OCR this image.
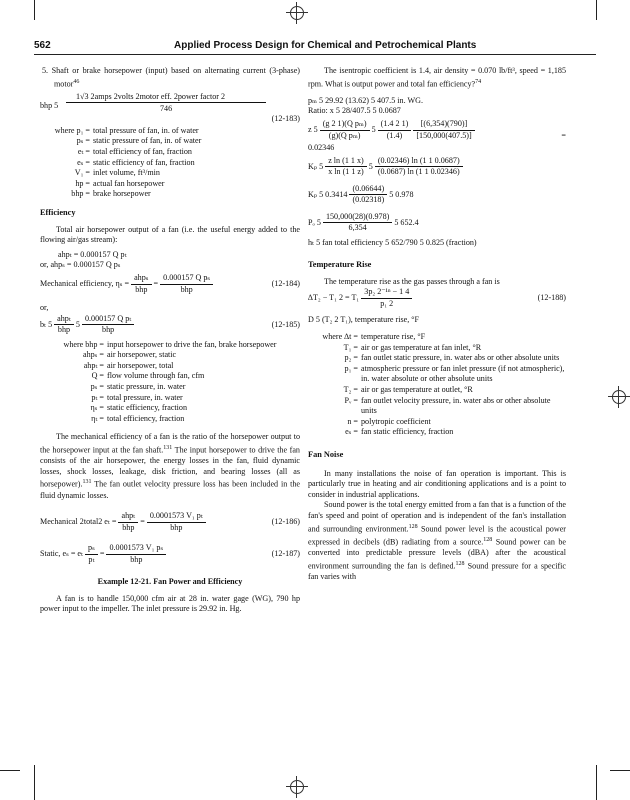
562	Applied Process Design for Chemical and Petrochemical Plants

5. Shaft or brake horsepower (input) based on alternating current (3-phase) motor$^{46}$

1√3 2amps 2volts 2motor eff. 2power factor 2
bhp 5	746
(12-183)
where p₁ = total pressure of fan, in. of water
pₛ = static pressure of fan, in. of water
eₜ = total efficiency of fan, fraction
eₛ = static efficiency of fan, fraction
V₁ = inlet volume, ft³/min
hp = actual fan horsepower
bhp = brake horsepower

Efficiency

Total air horsepower output of a fan (i.e. the useful energy added to the flowing air/gas stream):

ahpₜ = 0.000157 Q pₜ

or, ahpₛ = 0.000157 Q pₛ

Mechanical efficiency, $\eta_s = \frac{\text{ahpₛ}}{\text{bhp}} = \frac{\text{0.000157 Q pₛ}}{\text{bhp}}$	(12-184)

or,

bₜ $5 \frac{\text{ahpₜ}}{\text{bhp}} 5 \frac{\text{0.000157 Q pₜ}}{\text{bhp}}$	(12-185)
where bhp = input horsepower to drive the fan, brake horsepower
ahpₛ = air horsepower, static
ahpₜ = air horsepower, total
Q = flow volume through fan, cfm
pₛ = static pressure, in. water
pₜ = total pressure, in. water
ηₛ = static efficiency, fraction
ηₜ = total efficiency, fraction

The mechanical efficiency of a fan is the ratio of the horsepower output to the horsepower input at the fan shaft.$^{131}$ The input horsepower to drive the fan consists of the air horsepower, the energy losses in the fan, fluid dynamic losses, shock losses, leakage, disk friction, and bearing losses (all as horsepower).$^{131}$ The fan outlet velocity pressure loss has been included in the fluid dynamic losses.

Mechanical 2total2 $e_t = \frac{\text{ahpₜ}}{\text{bhp}} = \frac{\text{0.0001573 V₁ pₜ}}{\text{bhp}}$	(12-186)
Static, eₛ = eₜ $\frac{\text{pₛ}}{\text{pₜ}} = \frac{\text{0.0001573 V₁ pₛ}}{\text{bhp}}$	(12-187)

Example 12-21. Fan Power and Efficiency

A fan is to handle 150,000 cfm air at 28 in. water gage (WG), 790 hp power input to the impeller. The inlet pressure is 29.92 in. Hg.

The isentropic coefficient is 1.4, air density = 0.070 lb/ft³, speed = 1,185 rpm. What is output power and total fan efficiency?$^{74}$

pₘ 5 29.92 (13.62) 5 407.5 in. WG.

Ratio: x 5 28/407.5 5 0.0687

z $5 \frac{\text{(g 2 1)(Q pₘ)}}{\text{(g)(Q pₘ)}} 5 \frac{(1.4 2 1)}{(1.4)}$
$\frac{[(6,354)(790)]}{[150,000(407.5)]}$	=

0.02346

Kₚ $5 \frac{\text{z ln (1 1 x)}}{\text{x ln (1 1 z)}} 5 \frac{(0.02346) \ln (1 1 0.0687)}{(0.0687) \ln (1 1 0.02346)}$
Kₚ 5 $0.3414 \frac{(0.06644)}{(0.02318)} 5$ 0.978
Pₒ $5 \frac{150,000(28)(0.978)}{6,354} 5$ 652.4

hₜ 5 fan total efficiency 5 652/790 5 0.825 (fraction)

Temperature Rise

The temperature rise as the gas passes through a fan is

∆T₂ − T₁ $2 = T_1 \frac{\text{3p₂ 2⁻¹ⁿ − 1 4}}{\text{p₁ 2}}$	(12-188)

D 5 (T₂ 2 T₁), temperature rise, °F

where ∆t = temperature rise, °F
T₁ = air or gas temperature at fan inlet, °R
p₂ = fan outlet static pressure, in. water abs or other absolute units
p₁ = atmospheric pressure or fan inlet pressure (if not atmospheric), in. water absolute or other absolute units
T₂ = air or gas temperature at outlet, °R
Pᵥ = fan outlet velocity pressure, in. water abs or other absolute units
n = polytropic coefficient
eₛ = fan static efficiency, fraction

Fan Noise

In many installations the noise of fan operation is important. This is particularly true in heating and air conditioning applications and is a point to consider in industrial applications.

Sound power is the total energy emitted from a fan that is a function of the fan's speed and point of operation and is independent of the fan's installation and surrounding environment.$^{128}$ Sound power level is the acoustical power expressed in decibels (dB) radiating from a source.$^{128}$ Sound power can be converted into predictable pressure levels (dBA) after the acoustical environment surrounding the fan is defined.$^{128}$ Sound pressure for a specific fan varies with
